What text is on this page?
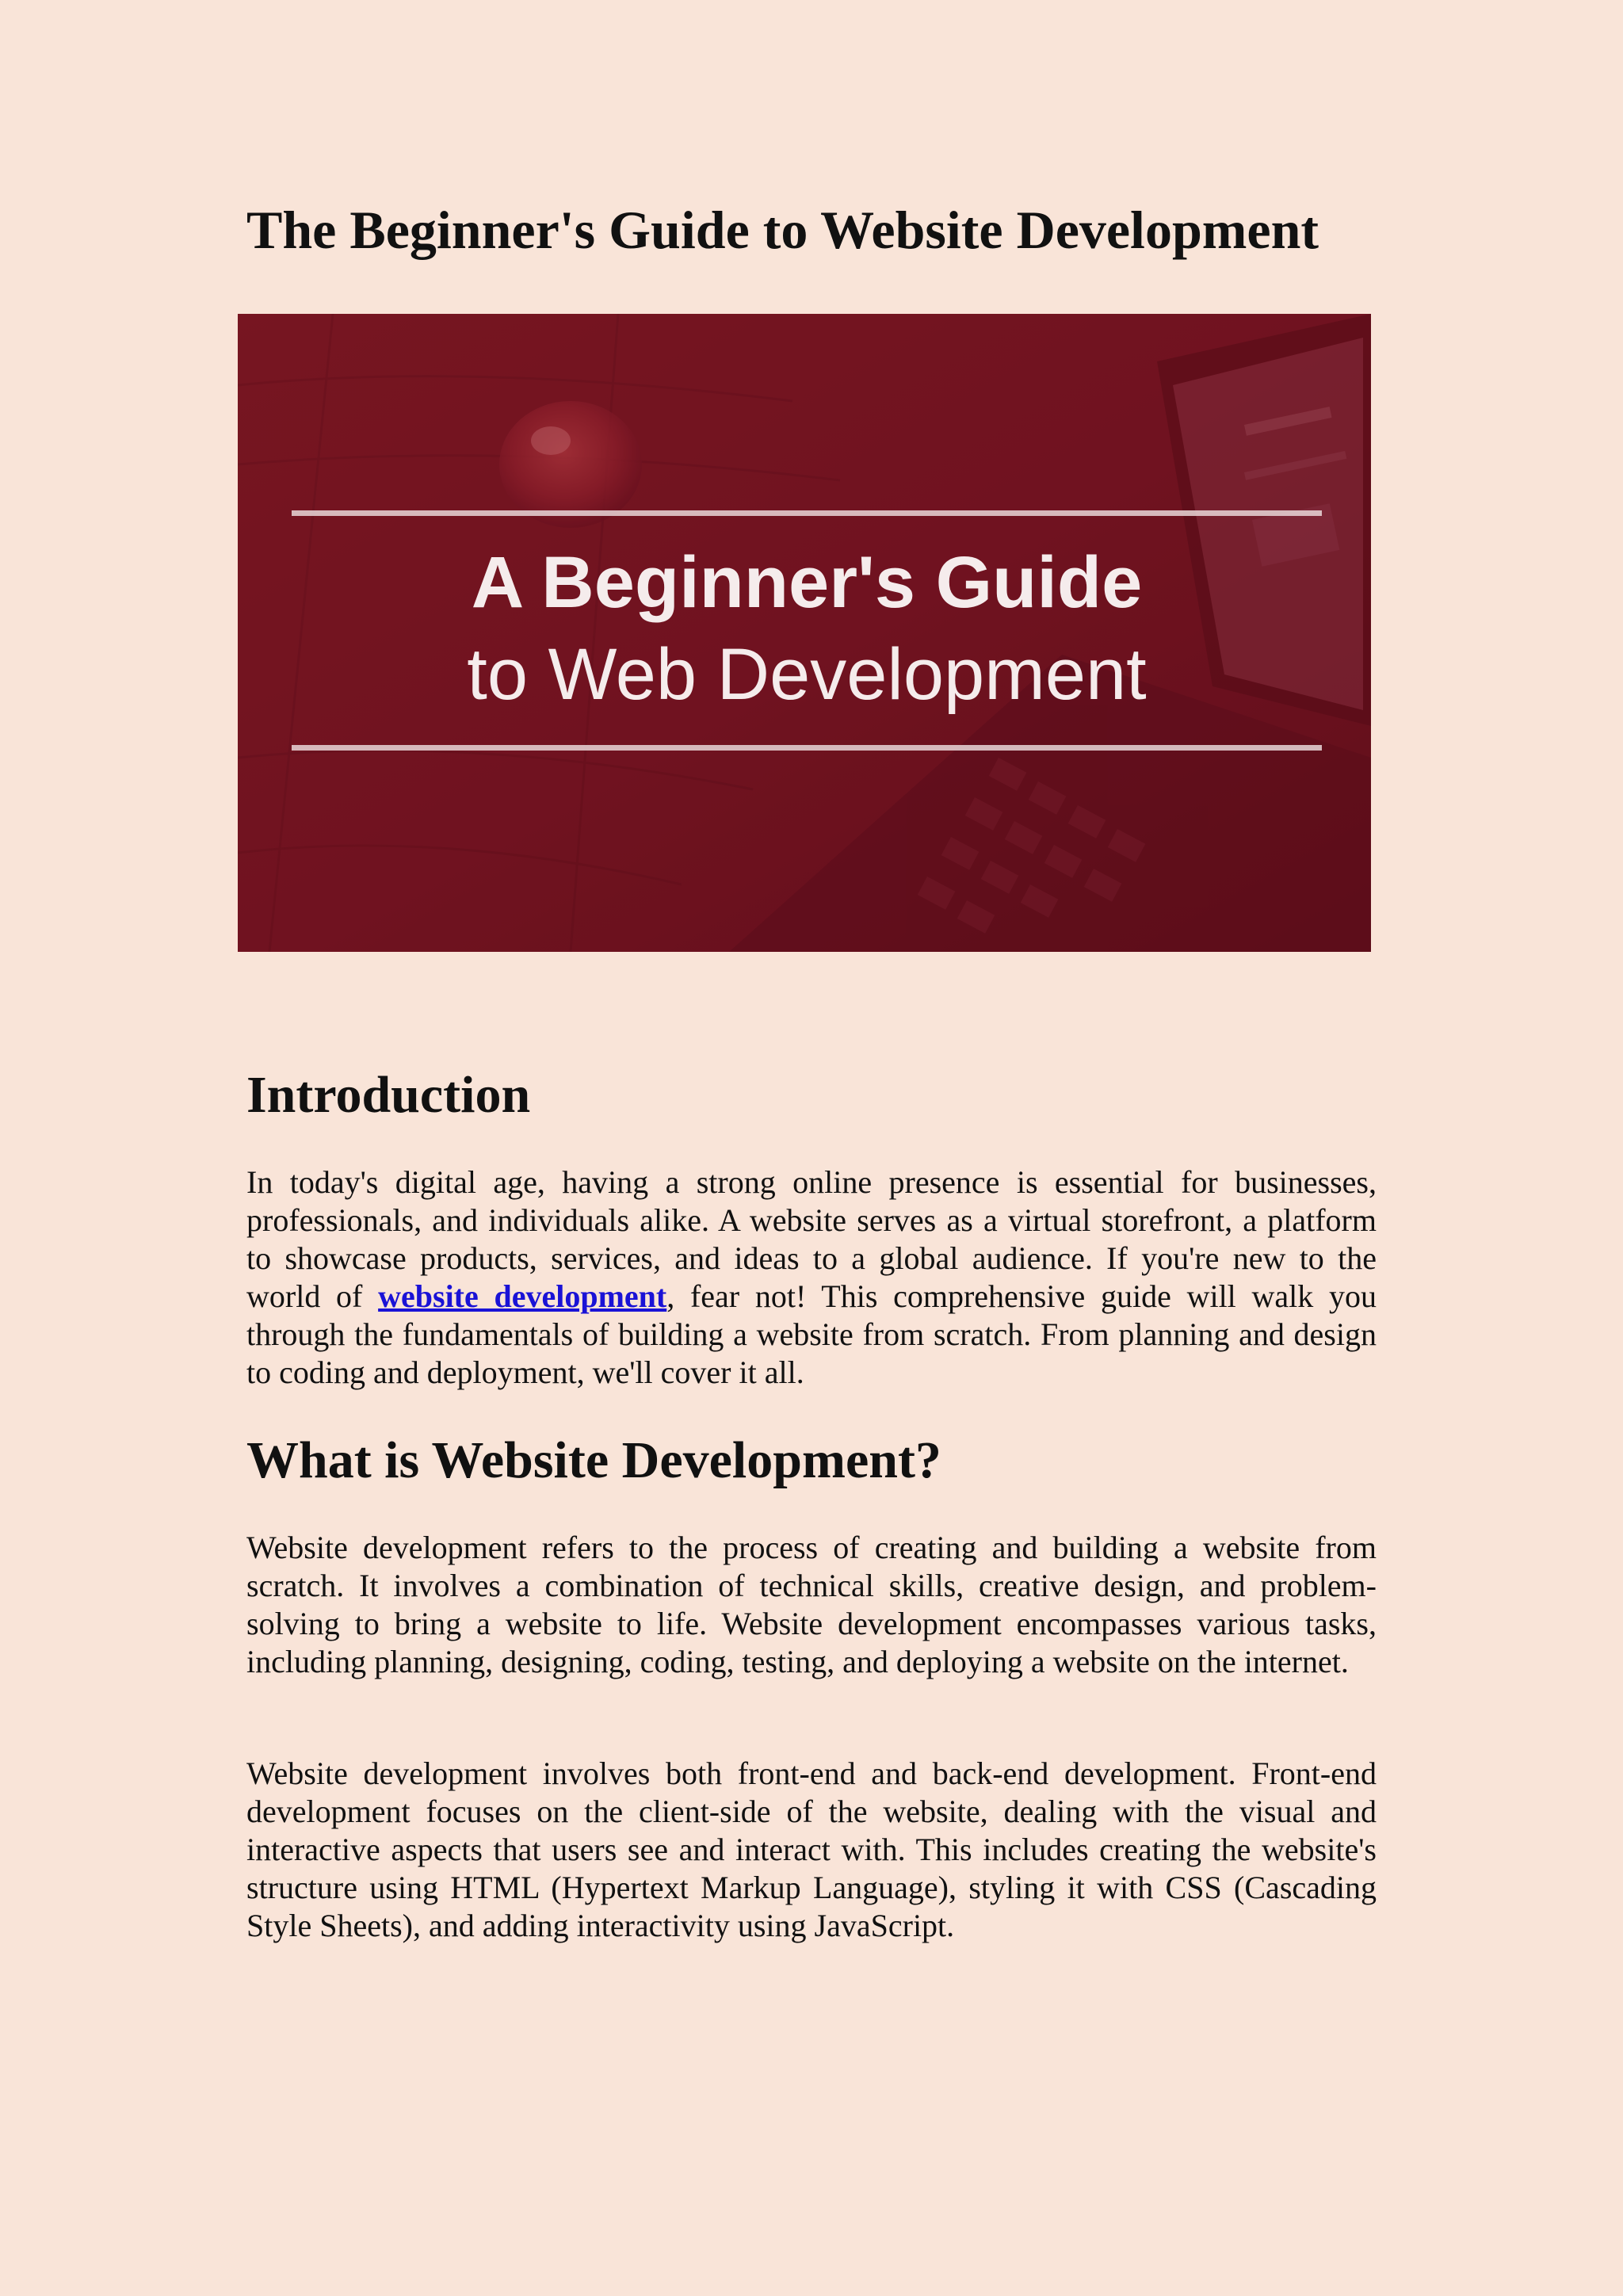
The Beginner's Guide to Website Development
A Beginner's Guide
to Web Development
Introduction

In today's digital age, having a strong online presence is essential for businesses, professionals, and individuals alike. A website serves as a virtual storefront, a platform to showcase products, services, and ideas to a global audience. If you're new to the world of website development, fear not! This comprehensive guide will walk you through the fundamentals of building a website from scratch. From planning and design to coding and deployment, we'll cover it all.

What is Website Development?

Website development refers to the process of creating and building a website from scratch. It involves a combination of technical skills, creative design, and problem-solving to bring a website to life. Website development encompasses various tasks, including planning, designing, coding, testing, and deploying a website on the internet.

Website development involves both front-end and back-end development. Front-end development focuses on the client-side of the website, dealing with the visual and interactive aspects that users see and interact with. This includes creating the website's structure using HTML (Hypertext Markup Language), styling it with CSS (Cascading Style Sheets), and adding interactivity using JavaScript.
